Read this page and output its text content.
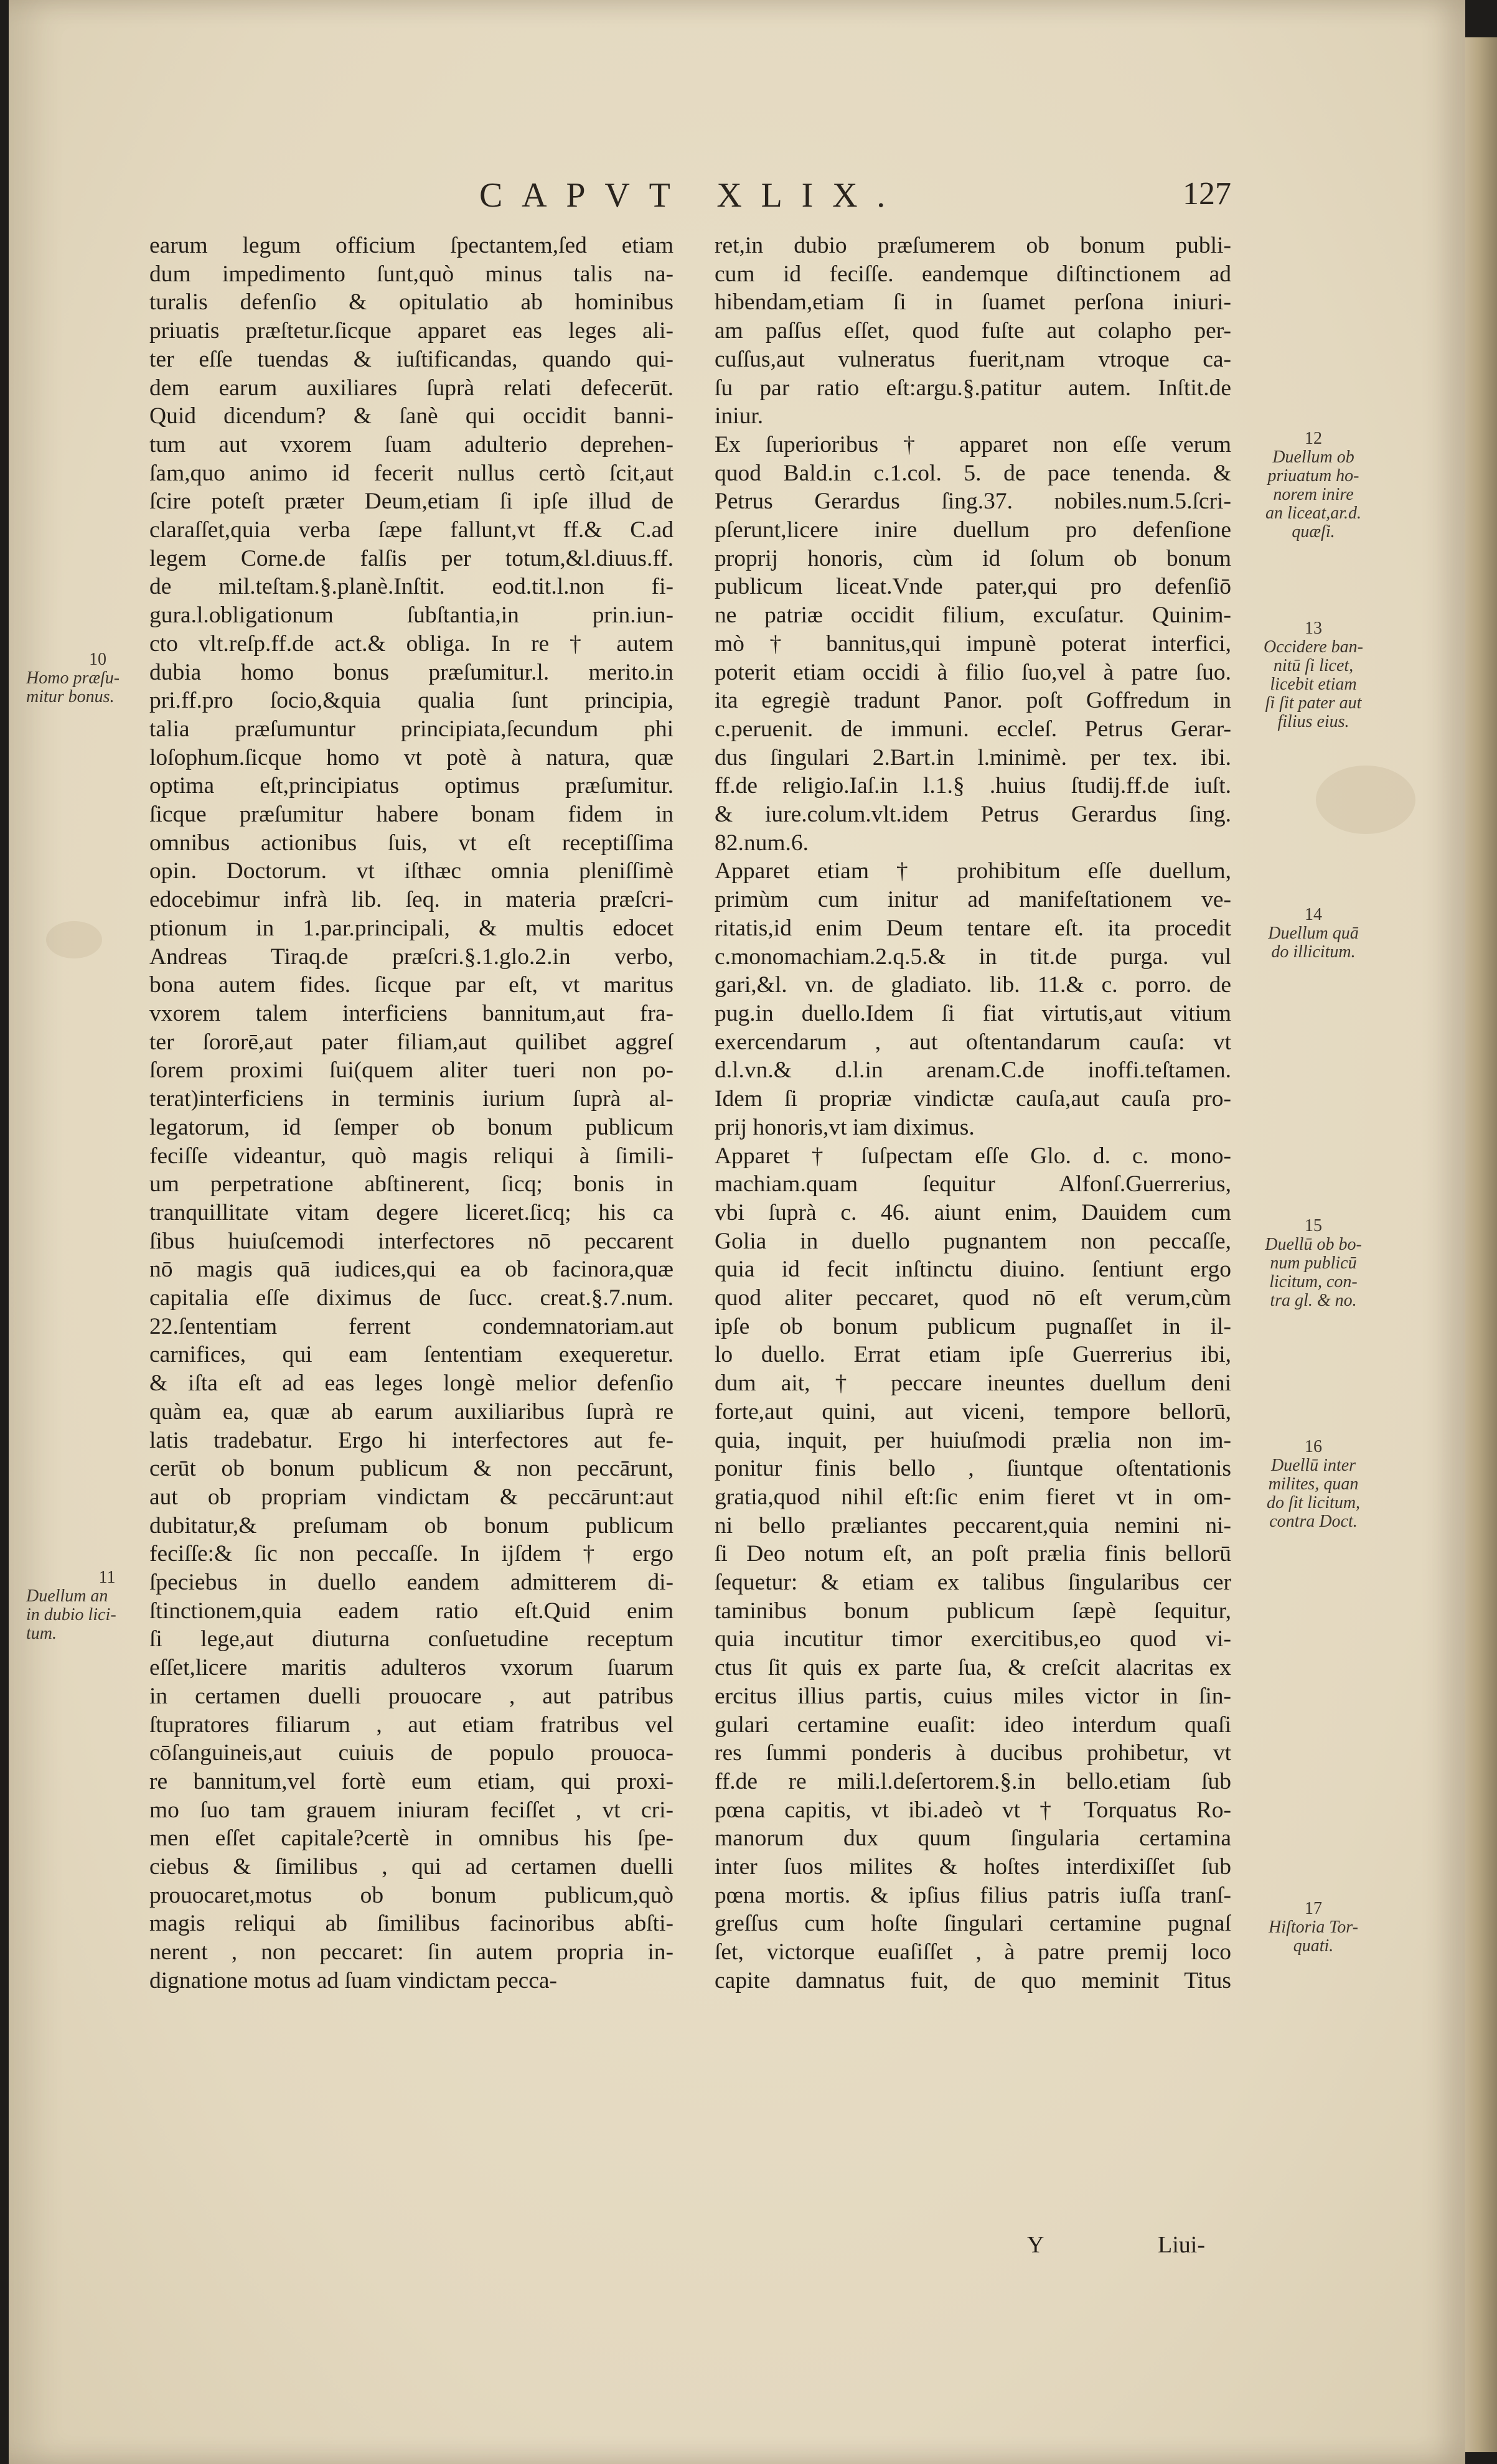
CAPVT XLIX.	127
earum legum officium ſpectantem,ſed etiam
dum impedimento ſunt,quò minus talis na-
turalis defenſio & opitulatio ab hominibus
priuatis præſtetur.ſicque apparet eas leges ali-
ter eſſe tuendas & iuſtificandas, quando qui-
dem earum auxiliares ſuprà relati defecerūt.
Quid dicendum? & ſanè qui occidit banni-
tum aut vxorem ſuam adulterio deprehen-
ſam,quo animo id fecerit nullus certò ſcit,aut
ſcire poteſt præter Deum,etiam ſi ipſe illud de
claraſſet,quia verba ſæpe fallunt,vt ff.& C.ad
legem Corne.de falſis per totum,&l.diuus.ff.
de mil.teſtam.§.planè.Inſtit. eod.tit.l.non fi-
gura.l.obligationum ſubſtantia,in prin.iun-
cto vlt.reſp.ff.de act.& obliga. In re † autem
dubia homo bonus præſumitur.l. merito.in
pri.ff.pro ſocio,&quia qualia ſunt principia,
talia præſumuntur principiata,ſecundum phi
loſophum.ſicque homo vt potè à natura, quæ
optima eſt,principiatus optimus præſumitur.
ſicque præſumitur habere bonam fidem in
omnibus actionibus ſuis, vt eſt receptiſſima
opin. Doctorum. vt iſthæc omnia pleniſſimè
edocebimur infrà lib. ſeq. in materia præſcri-
ptionum in 1.par.principali, & multis edocet
Andreas Tiraq.de præſcri.§.1.glo.2.in verbo,
bona autem fides. ſicque par eſt, vt maritus
vxorem talem interficiens bannitum,aut fra-
ter ſororē,aut pater filiam,aut quilibet aggreſ
ſorem proximi ſui(quem aliter tueri non po-
terat)interficiens in terminis iurium ſuprà al-
legatorum, id ſemper ob bonum publicum
feciſſe videantur, quò magis reliqui à ſimili-
um perpetratione abſtinerent, ſicq; bonis in
tranquillitate vitam degere liceret.ſicq; his ca
ſibus huiuſcemodi interfectores nō peccarent
nō magis quā iudices,qui ea ob facinora,quæ
capitalia eſſe diximus de ſucc. creat.§.7.num.
22.ſententiam ferrent condemnatoriam.aut
carnifices, qui eam ſententiam exequeretur.
& iſta eſt ad eas leges longè melior defenſio
quàm ea, quæ ab earum auxiliaribus ſuprà re
latis tradebatur. Ergo hi interfectores aut fe-
cerūt ob bonum publicum & non peccārunt,
aut ob propriam vindictam & peccārunt:aut
dubitatur,& preſumam ob bonum publicum
feciſſe:& ſic non peccaſſe. In ijſdem † ergo
ſpeciebus in duello eandem admitterem di-
ſtinctionem,quia eadem ratio eſt.Quid enim
ſi lege,aut diuturna conſuetudine receptum
eſſet,licere maritis adulteros vxorum ſuarum
in certamen duelli prouocare , aut patribus
ſtupratores filiarum , aut etiam fratribus vel
cōſanguineis,aut cuiuis de populo prouoca-
re bannitum,vel fortè eum etiam, qui proxi-
mo ſuo tam grauem iniuram feciſſet , vt cri-
men eſſet capitale?certè in omnibus his ſpe-
ciebus & ſimilibus , qui ad certamen duelli
prouocaret,motus ob bonum publicum,quò
magis reliqui ab ſimilibus facinoribus abſti-
nerent , non peccaret: ſin autem propria in-
dignatione motus ad ſuam vindictam pecca-
ret,in dubio præſumerem ob bonum publi-
cum id feciſſe. eandemque diſtinctionem ad
hibendam,etiam ſi in ſuamet perſona iniuri-
am paſſus eſſet, quod fuſte aut colapho per-
cuſſus,aut vulneratus fuerit,nam vtroque ca-
ſu par ratio eſt:argu.§.patitur autem. Inſtit.de
iniur.
Ex ſuperioribus † apparet non eſſe verum
quod Bald.in c.1.col. 5. de pace tenenda. &
Petrus Gerardus ſing.37. nobiles.num.5.ſcri-
pſerunt,licere inire duellum pro defenſione
proprij honoris, cùm id ſolum ob bonum
publicum liceat.Vnde pater,qui pro defenſiō
ne patriæ occidit filium, excuſatur. Quinim-
mò † bannitus,qui impunè poterat interfici,
poterit etiam occidi à filio ſuo,vel à patre ſuo.
ita egregiè tradunt Panor. poſt Goffredum in
c.peruenit. de immuni. eccleſ. Petrus Gerar-
dus ſingulari 2.Bart.in l.minimè. per tex. ibi.
ff.de religio.Iaſ.in l.1.§ .huius ſtudij.ff.de iuſt.
& iure.colum.vlt.idem Petrus Gerardus ſing.
82.num.6.
Apparet etiam † prohibitum eſſe duellum,
primùm cum initur ad manifeſtationem ve-
ritatis,id enim Deum tentare eſt. ita procedit
c.monomachiam.2.q.5.& in tit.de purga. vul
gari,&l. vn. de gladiato. lib. 11.& c. porro. de
pug.in duello.Idem ſi fiat virtutis,aut vitium
exercendarum , aut oſtentandarum cauſa: vt
d.l.vn.& d.l.in arenam.C.de inoffi.teſtamen.
Idem ſi propriæ vindictæ cauſa,aut cauſa pro-
prij honoris,vt iam diximus.
Apparet † ſuſpectam eſſe Glo. d. c. mono-
machiam.quam ſequitur Alfonſ.Guerrerius,
vbi ſuprà c. 46. aiunt enim, Dauidem cum
Golia in duello pugnantem non peccaſſe,
quia id fecit inſtinctu diuino. ſentiunt ergo
quod aliter peccaret, quod nō eſt verum,cùm
ipſe ob bonum publicum pugnaſſet in il-
lo duello. Errat etiam ipſe Guerrerius ibi,
dum ait, † peccare ineuntes duellum deni
forte,aut quini, aut viceni, tempore bellorū,
quia, inquit, per huiuſmodi prælia non im-
ponitur finis bello , ſiuntque oſtentationis
gratia,quod nihil eſt:ſic enim fieret vt in om-
ni bello præliantes peccarent,quia nemini ni-
ſi Deo notum eſt, an poſt prælia finis bellorū
ſequetur: & etiam ex talibus ſingularibus cer
taminibus bonum publicum ſæpè ſequitur,
quia incutitur timor exercitibus,eo quod vi-
ctus ſit quis ex parte ſua, & creſcit alacritas ex
ercitus illius partis, cuius miles victor in ſin-
gulari certamine euaſit: ideo interdum quaſi
res ſummi ponderis à ducibus prohibetur, vt
ff.de re mili.l.deſertorem.§.in bello.etiam ſub
pœna capitis, vt ibi.adeò vt † Torquatus Ro-
manorum dux quum ſingularia certamina
inter ſuos milites & hoſtes interdixiſſet ſub
pœna mortis. & ipſius filius patris iuſſa tranſ-
greſſus cum hoſte ſingulari certamine pugnaſ
ſet, victorque euaſiſſet , à patre premij loco
capite damnatus fuit, de quo meminit Titus
10
Homo præſu-
mitur bonus.
11
Duellum an
in dubio lici-
tum.
12
Duellum ob
priuatum ho-
norem inire
an liceat,ar.d.
quæſi.
13
Occidere ban-
nitū ſi licet,
licebit etiam
ſi ſit pater aut
filius eius.
14
Duellum quā
do illicitum.
15
Duellū ob bo-
num publicū
licitum, con-
tra gl. & no.
16
Duellū inter
milites, quan
do ſit licitum,
contra Doct.
17
Hiſtoria Tor-
quati.
Y	Liui-
